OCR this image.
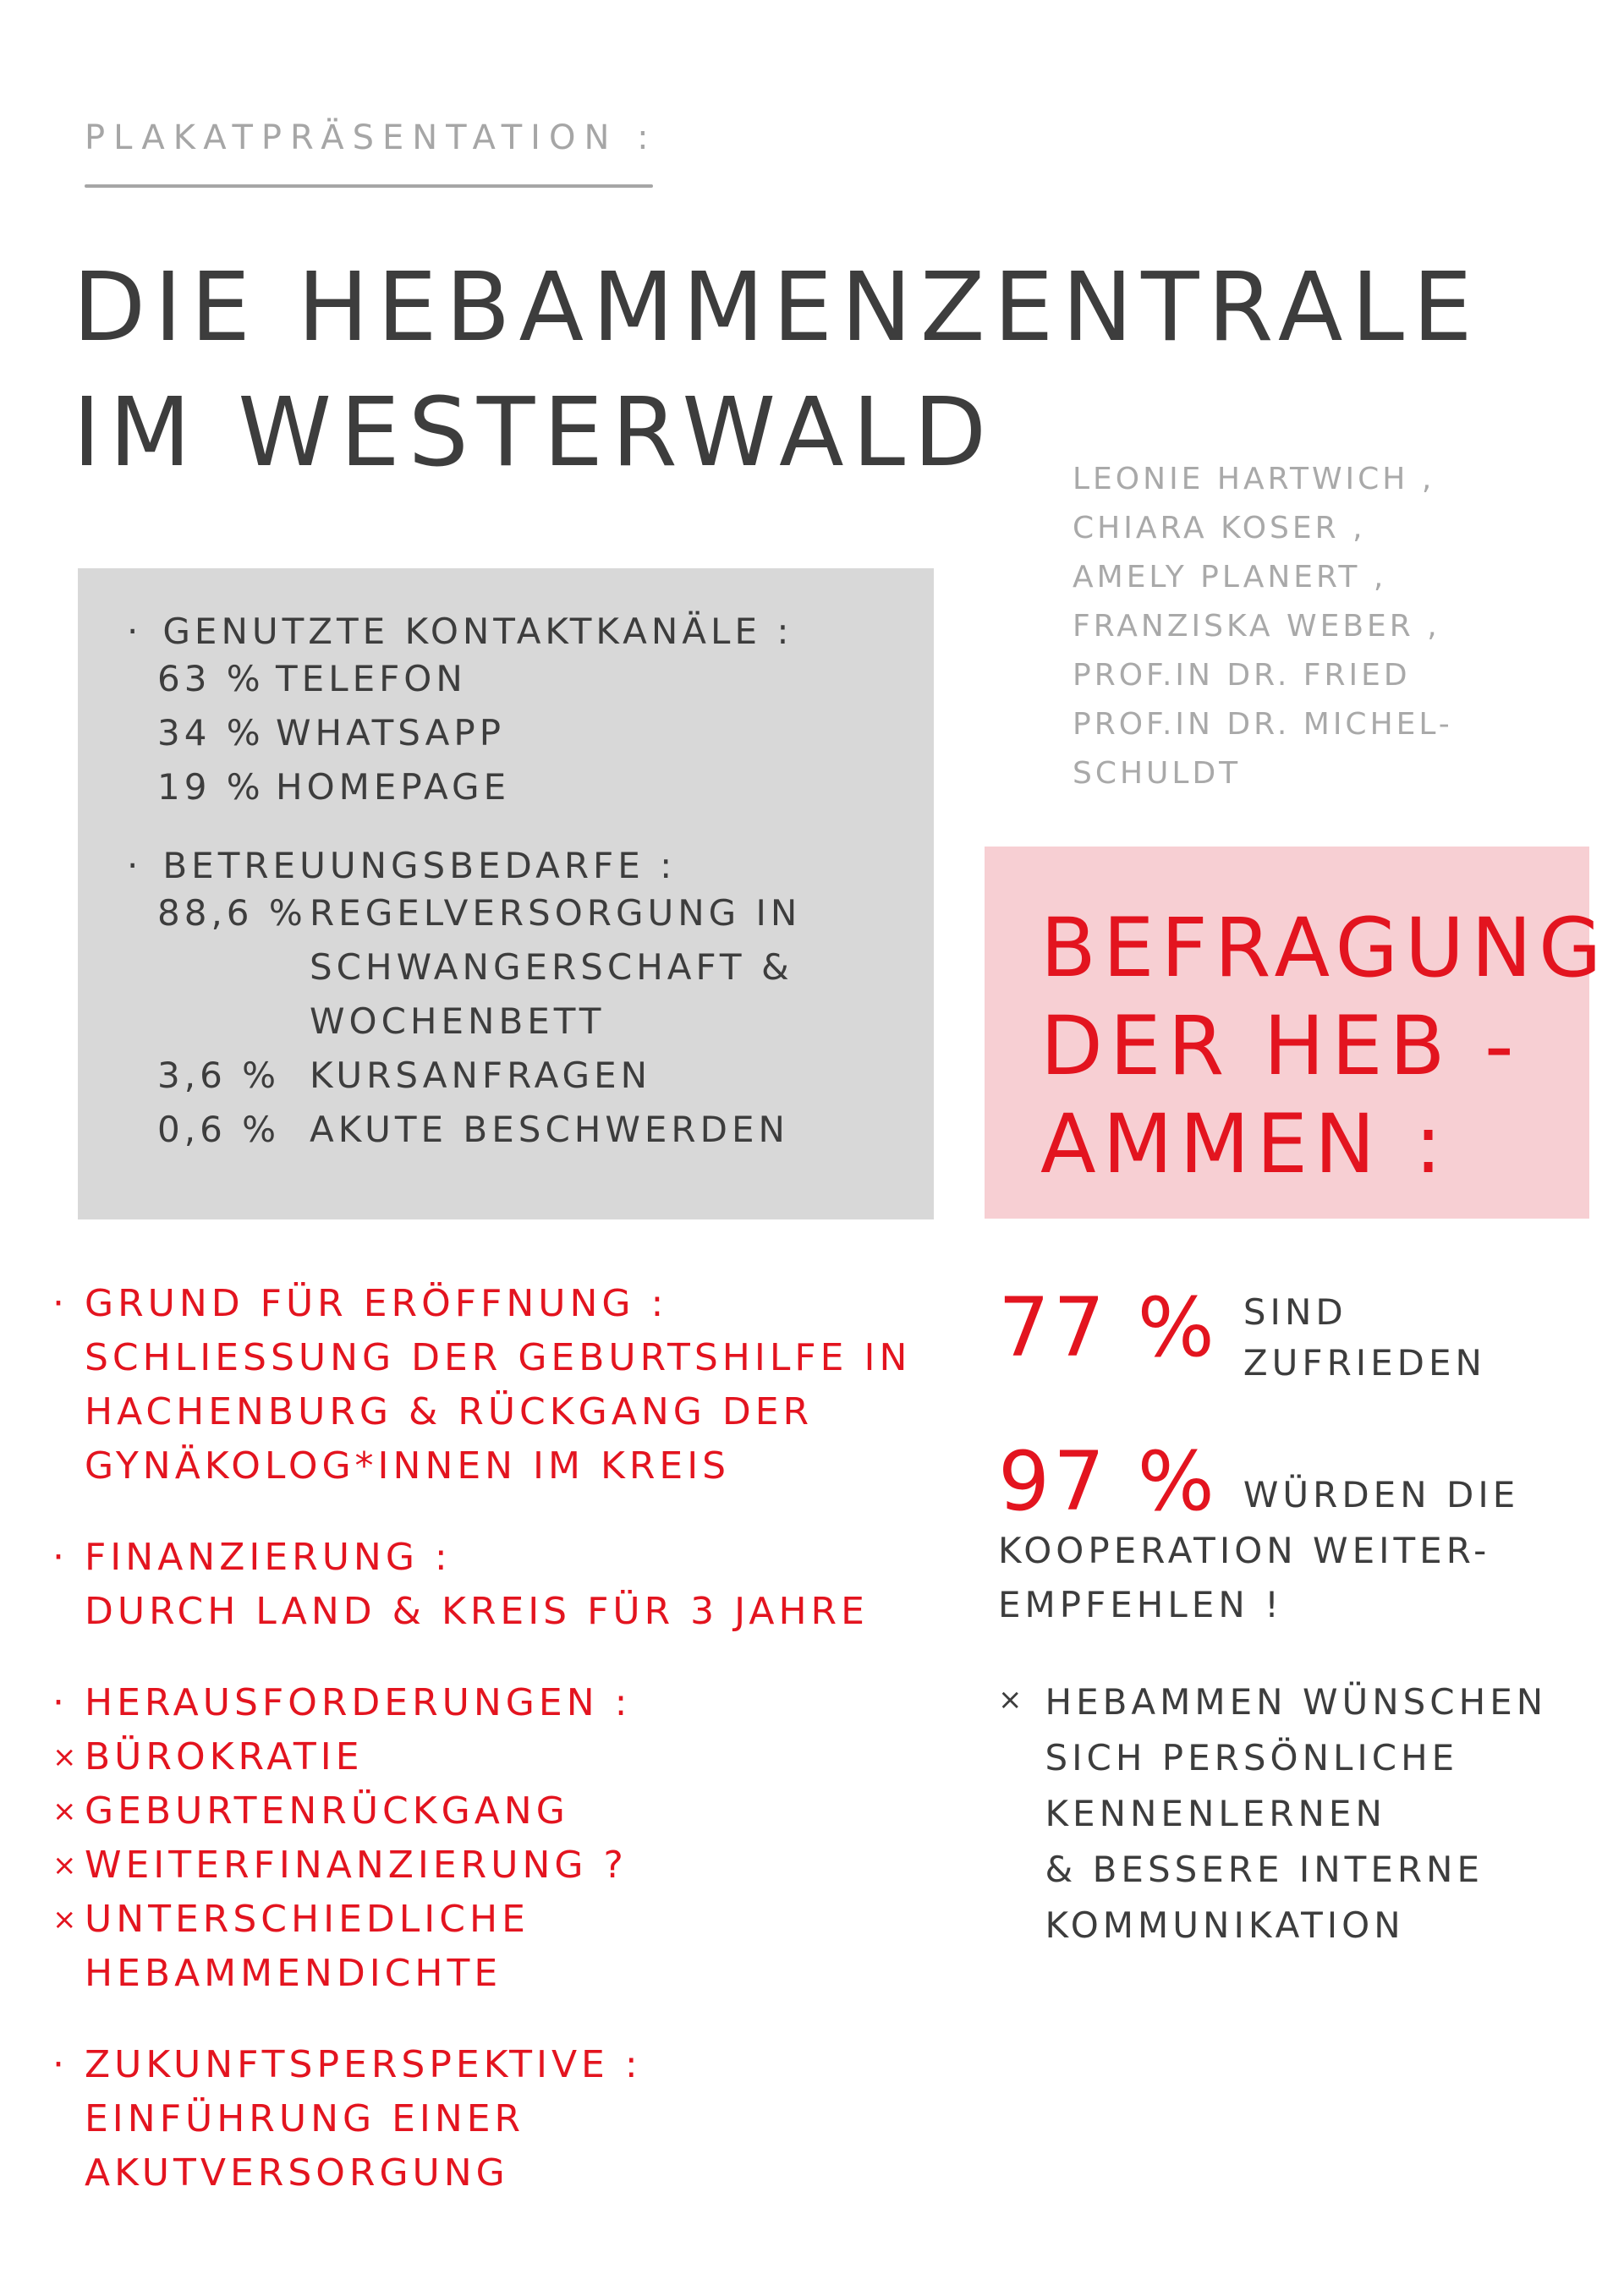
PLAKATPRÄSENTATION :
DIE HEBAMMENZENTRALE
IM WESTERWALD	LEONIE HARTWICH ,
CHIARA KOSER ,
AMELY PLANERT ,
FRANZISKA WEBER ,
PROF.IN DR. FRIED
PROF.IN DR. MICHEL-
SCHULDT
· GENUTZTE KONTAKTKANÄLE :
63 % TELEFON
34 % WHATSAPP
19 % HOMEPAGE
· BETREUUNGSBEDARFE :
88,6 % REGELVERSORGUNG IN SCHWANGERSCHAFT & WOCHENBETT
3,6 % KURSANFRAGEN
0,6 % AKUTE BESCHWERDEN
BEFRAGUNG
DER HEB -
AMMEN :
· GRUND FÜR ERÖFFNUNG :
SCHLIESSUNG DER GEBURTSHILFE IN
HACHENBURG & RÜCKGANG DER
GYNÄKOLOG*INNEN IM KREIS
· FINANZIERUNG :
DURCH LAND & KREIS FÜR 3 JAHRE
· HERAUSFORDERUNGEN :
× BÜROKRATIE
× GEBURTENRÜCKGANG
× WEITERFINANZIERUNG ?
× UNTERSCHIEDLICHE
HEBAMMENDICHTE
· ZUKUNFTSPERSPEKTIVE :
EINFÜHRUNG EINER
AKUTVERSORGUNG
77 % SIND
ZUFRIEDEN
97 % WÜRDEN DIE
KOOPERATION WEITER-
EMPFEHLEN !
× HEBAMMEN WÜNSCHEN
SICH PERSÖNLICHE
KENNENLERNEN
& BESSERE INTERNE
KOMMUNIKATION
